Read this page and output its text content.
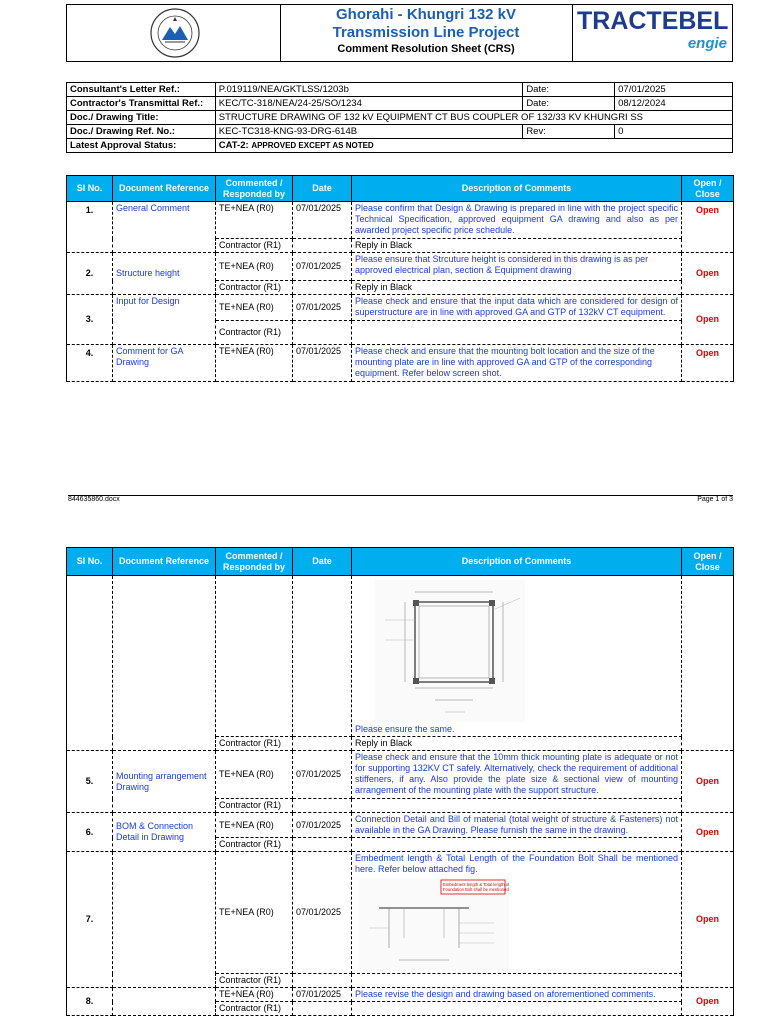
Ghorahi - Khungri 132 kV
Transmission Line Project
Comment Resolution Sheet (CRS)
TRACTEBEL
engie
Consultant's Letter Ref.:	P.019119/NEA/GKTLSS/1203b	Date:	07/01/2025
Contractor's Transmittal Ref.:	KEC/TC-318/NEA/24-25/SO/1234	Date:	08/12/2024
Doc./ Drawing Title:	STRUCTURE DRAWING OF 132 kV EQUIPMENT CT BUS COUPLER OF 132/33 KV KHUNGRI SS		
Doc./ Drawing Ref. No.:	KEC-TC318-KNG-93-DRG-614B	Rev:	0
Latest Approval Status:	CAT-2: APPROVED EXCEPT AS NOTED		
Sl No.	Document Reference	Commented / Responded by	Date	Description of Comments	Open / Close
1.	General Comment	TE+NEA (R0)	07/01/2025	Please confirm that Design & Drawing is prepared in line with the project specific Technical Specification, approved equipment GA drawing and also as per awarded project specific price schedule.	Open
		Contractor (R1)		Reply in Black	
2.	Structure height	TE+NEA (R0)	07/01/2025	Please ensure that Strcuture height is considered in this drawing is as per approved electrical plan, section & Equipment drawing	Open
		Contractor (R1)		Reply in Black	
3.	Input for Design	TE+NEA (R0)	07/01/2025	Please check and ensure that the input data which are considered for design of superstructure are in line with approved GA and GTP of 132kV CT equipment.	Open
		Contractor (R1)			
4.	Comment for GA Drawing	TE+NEA (R0)	07/01/2025	Please check and ensure that the mounting bolt location and the size of the mounting plate are in line with approved GA and GTP of the corresponding equipment. Refer below screen shot.	Open
844635860.docx	Page 1 of 3
Sl No.	Document Reference	Commented / Responded by	Date	Description of Comments	Open / Close

Please ensure the same.	
		Contractor (R1)		Reply in Black	
5.	Mounting arrangement Drawing	TE+NEA (R0)	07/01/2025	Please check and ensure that the 10mm thick mounting plate is adequate or not for supporting 132KV CT safely. Alternatively, check the requirement of additional stiffeners, if any. Also provide the plate size & sectional view of mounting arrangement of the mounting plate with the support structure.	Open
		Contractor (R1)			
6.	BOM & Connection Detail in Drawing	TE+NEA (R0)	07/01/2025	Connection Detail and Bill of material (total weight of structure & Fasteners) not available in the GA Drawing. Please furnish the same in the drawing.	Open
		Contractor (R1)			
7.		TE+NEA (R0)	07/01/2025	Embedment length & Total Length of the Foundation Bolt Shall be mentioned here. Refer below attached fig.
Embedment length & Total length of
Foundation Bolt shall be mentioned	Open
		Contractor (R1)			
8.		TE+NEA (R0)	07/01/2025	Please revise the design and drawing based on aforementioned comments.	Open
		Contractor (R1)			
